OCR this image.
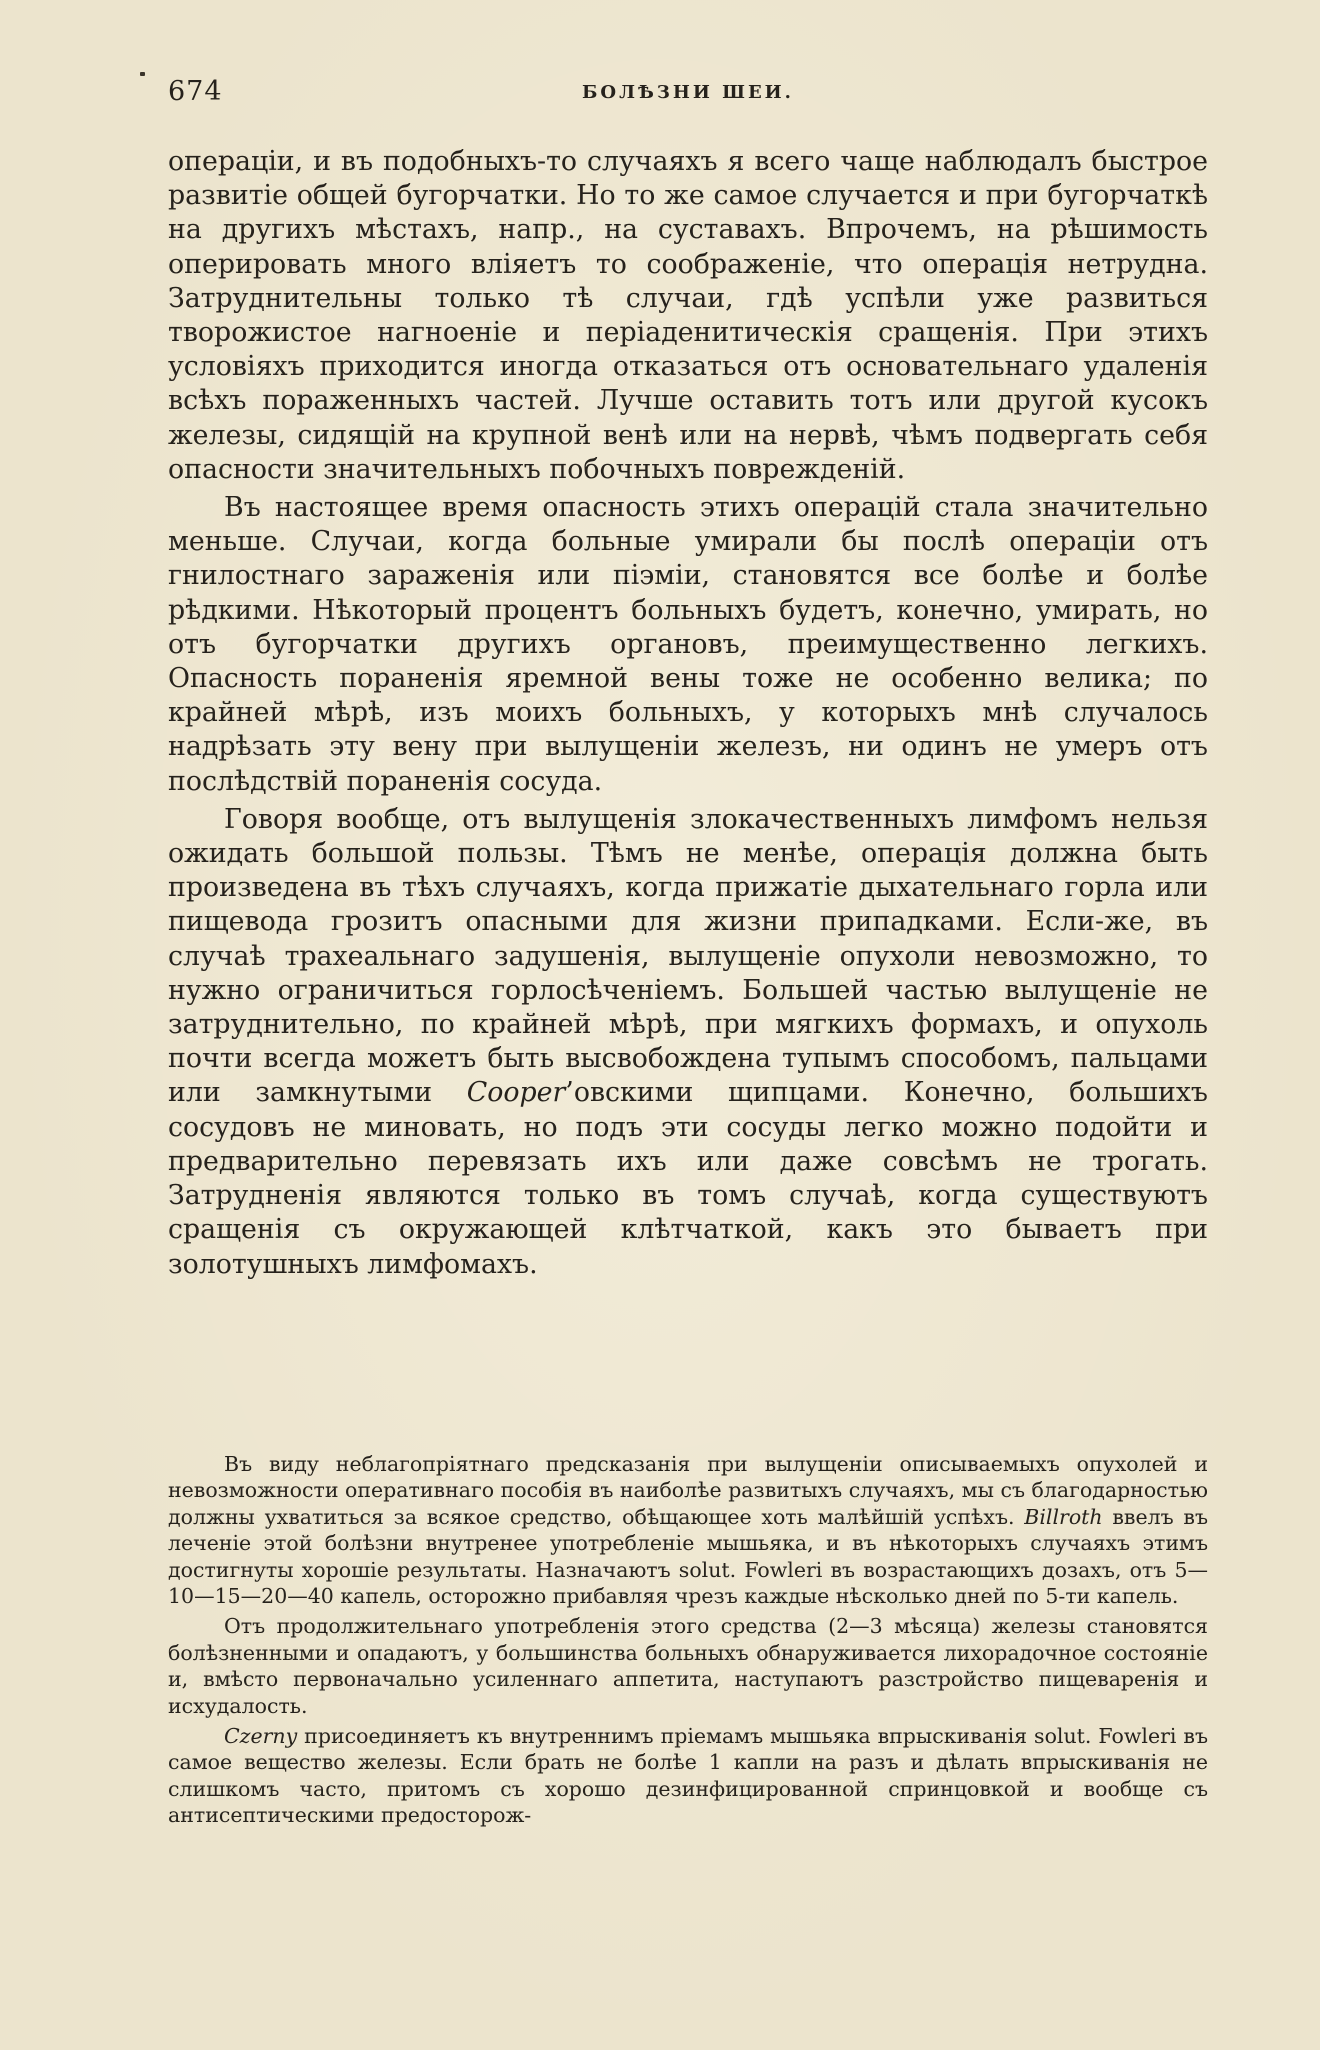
674	БОЛѢЗНИ ШЕИ.

операціи, и въ подобныхъ-то случаяхъ я всего чаще наблюдалъ быстрое развитіе общей бугорчатки. Но то же самое случается и при бугорчаткѣ на другихъ мѣстахъ, напр., на суставахъ. Впрочемъ, на рѣшимость оперировать много вліяетъ то соображеніе, что операція нетрудна. Затруднительны только тѣ случаи, гдѣ успѣли уже развиться творожистое нагноеніе и періаденитическія сращенія. При этихъ условіяхъ приходится иногда отказаться отъ основательнаго удаленія всѣхъ пораженныхъ частей. Лучше оставить тотъ или другой кусокъ железы, сидящій на крупной венѣ или на нервѣ, чѣмъ подвергать себя опасности значительныхъ побочныхъ поврежденій.

Въ настоящее время опасность этихъ операцій стала значительно меньше. Случаи, когда больные умирали бы послѣ операціи отъ гнилостнаго зараженія или піэміи, становятся все болѣе и болѣе рѣдкими. Нѣкоторый процентъ больныхъ будетъ, конечно, умирать, но отъ бугорчатки другихъ органовъ, преимущественно легкихъ. Опасность пораненія яремной вены тоже не особенно велика; по крайней мѣрѣ, изъ моихъ больныхъ, у которыхъ мнѣ случалось надрѣзать эту вену при вылущеніи железъ, ни одинъ не умеръ отъ послѣдствій пораненія сосуда.

Говоря вообще, отъ вылущенія злокачественныхъ лимфомъ нельзя ожидать большой пользы. Тѣмъ не менѣе, операція должна быть произведена въ тѣхъ случаяхъ, когда прижатіе дыхательнаго горла или пищевода грозитъ опасными для жизни припадками. Если-же, въ случаѣ трахеальнаго задушенія, вылущеніе опухоли невозможно, то нужно ограничиться горлосѣченіемъ. Большей частью вылущеніе не затруднительно, по крайней мѣрѣ, при мягкихъ формахъ, и опухоль почти всегда можетъ быть высвобождена тупымъ способомъ, пальцами или замкнутыми Cooper’овскими щипцами. Конечно, большихъ сосудовъ не миновать, но подъ эти сосуды легко можно подойти и предварительно перевязать ихъ или даже совсѣмъ не трогать. Затрудненія являются только въ томъ случаѣ, когда существуютъ сращенія съ окружающей клѣтчаткой, какъ это бываетъ при золотушныхъ лимфомахъ.

Въ виду неблагопріятнаго предсказанія при вылущеніи описываемыхъ опухолей и невозможности оперативнаго пособія въ наиболѣе развитыхъ случаяхъ, мы съ благодарностью должны ухватиться за всякое средство, обѣщающее хоть малѣйшій успѣхъ. Billroth ввелъ въ леченіе этой болѣзни внутренее употребленіе мышьяка, и въ нѣкоторыхъ случаяхъ этимъ достигнуты хорошіе результаты. Назначаютъ solut. Fowleri въ возрастающихъ дозахъ, отъ 5—10—15—20—40 капель, осторожно прибавляя чрезъ каждые нѣсколько дней по 5-ти капель.

Отъ продолжительнаго употребленія этого средства (2—3 мѣсяца) железы становятся болѣзненными и опадаютъ, у большинства больныхъ обнаруживается лихорадочное состояніе и, вмѣсто первоначально усиленнаго аппетита, наступаютъ разстройство пищеваренія и исхудалость.

Czerny присоединяетъ къ внутреннимъ пріемамъ мышьяка впрыскиванія solut. Fowleri въ самое вещество железы. Если брать не болѣе 1 капли на разъ и дѣлать впрыскиванія не слишкомъ часто, притомъ съ хорошо дезинфицированной спринцовкой и вообще съ антисептическими предосторож-
